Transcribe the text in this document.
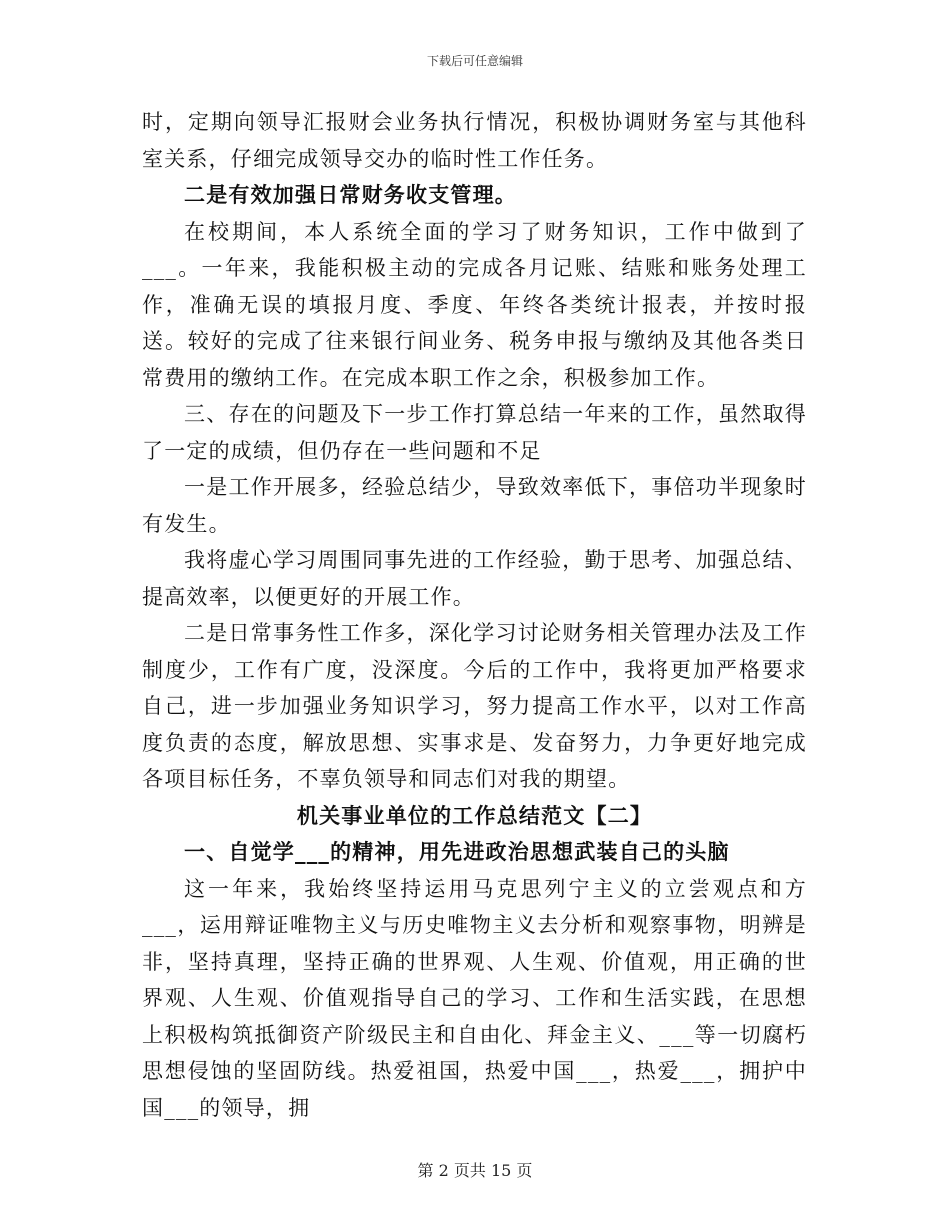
下载后可任意编辑

时，定期向领导汇报财会业务执行情况，积极协调财务室与其他科室关系，仔细完成领导交办的临时性工作任务。

二是有效加强日常财务收支管理。

在校期间，本人系统全面的学习了财务知识，工作中做到了___。一年来，我能积极主动的完成各月记账、结账和账务处理工作，准确无误的填报月度、季度、年终各类统计报表，并按时报送。较好的完成了往来银行间业务、税务申报与缴纳及其他各类日常费用的缴纳工作。在完成本职工作之余，积极参加工作。

三、存在的问题及下一步工作打算总结一年来的工作，虽然取得了一定的成绩，但仍存在一些问题和不足

一是工作开展多，经验总结少，导致效率低下，事倍功半现象时有发生。

我将虚心学习周围同事先进的工作经验，勤于思考、加强总结、提高效率，以便更好的开展工作。

二是日常事务性工作多，深化学习讨论财务相关管理办法及工作制度少，工作有广度，没深度。今后的工作中，我将更加严格要求自己，进一步加强业务知识学习，努力提高工作水平，以对工作高度负责的态度，解放思想、实事求是、发奋努力，力争更好地完成各项目标任务，不辜负领导和同志们对我的期望。

机关事业单位的工作总结范文【二】

一、自觉学___的精神，用先进政治思想武装自己的头脑

这一年来，我始终坚持运用马克思列宁主义的立尝观点和方___，运用辩证唯物主义与历史唯物主义去分析和观察事物，明辨是非，坚持真理，坚持正确的世界观、人生观、价值观，用正确的世界观、人生观、价值观指导自己的学习、工作和生活实践，在思想上积极构筑抵御资产阶级民主和自由化、拜金主义、___等一切腐朽思想侵蚀的坚固防线。热爱祖国，热爱中国___，热爱___，拥护中国___的领导，拥

第 2 页共 15 页
